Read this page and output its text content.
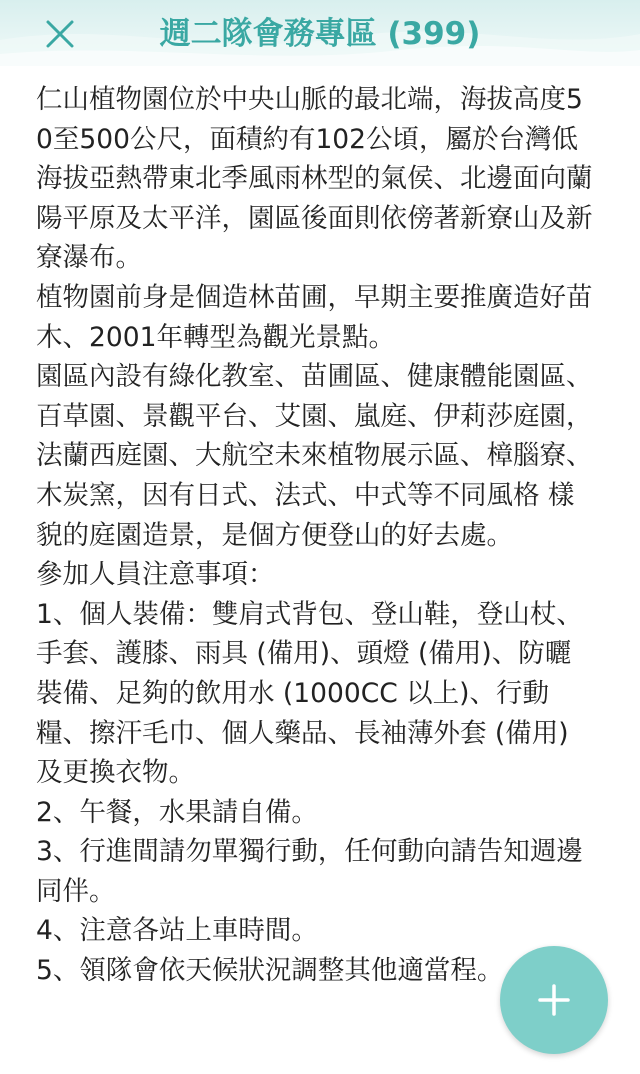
週二隊會務專區 (399)

仁山植物園位於中央山脈的最北端，海拔高度50至500公尺，面積約有102公頃，屬於台灣低海拔亞熱帶東北季風雨林型的氣侯、北邊面向蘭陽平原及太平洋，園區後面則依傍著新寮山及新寮瀑布。
植物園前身是個造林苗圃，早期主要推廣造好苗木、2001年轉型為觀光景點。
園區內設有綠化教室、苗圃區、健康體能園區、百草園、景觀平台、艾園、嵐庭、伊莉莎庭園，法蘭西庭園、大航空未來植物展示區、樟腦寮、木炭窯，因有日式、法式、中式等不同風格 樣貌的庭園造景，是個方便登山的好去處。
參加人員注意事項：
1、個人裝備：雙肩式背包、登山鞋，登山杖、手套、護膝、雨具 (備用)、頭燈 (備用)、防曬裝備、足夠的飲用水 (1000CC 以上)、行動糧、擦汗毛巾、個人藥品、長袖薄外套 (備用) 及更換衣物。
2、午餐，水果請自備。
3、行進間請勿單獨行動，任何動向請告知週邊同伴。
4、注意各站上車時間。
5、領隊會依天候狀況調整其他適當程。
